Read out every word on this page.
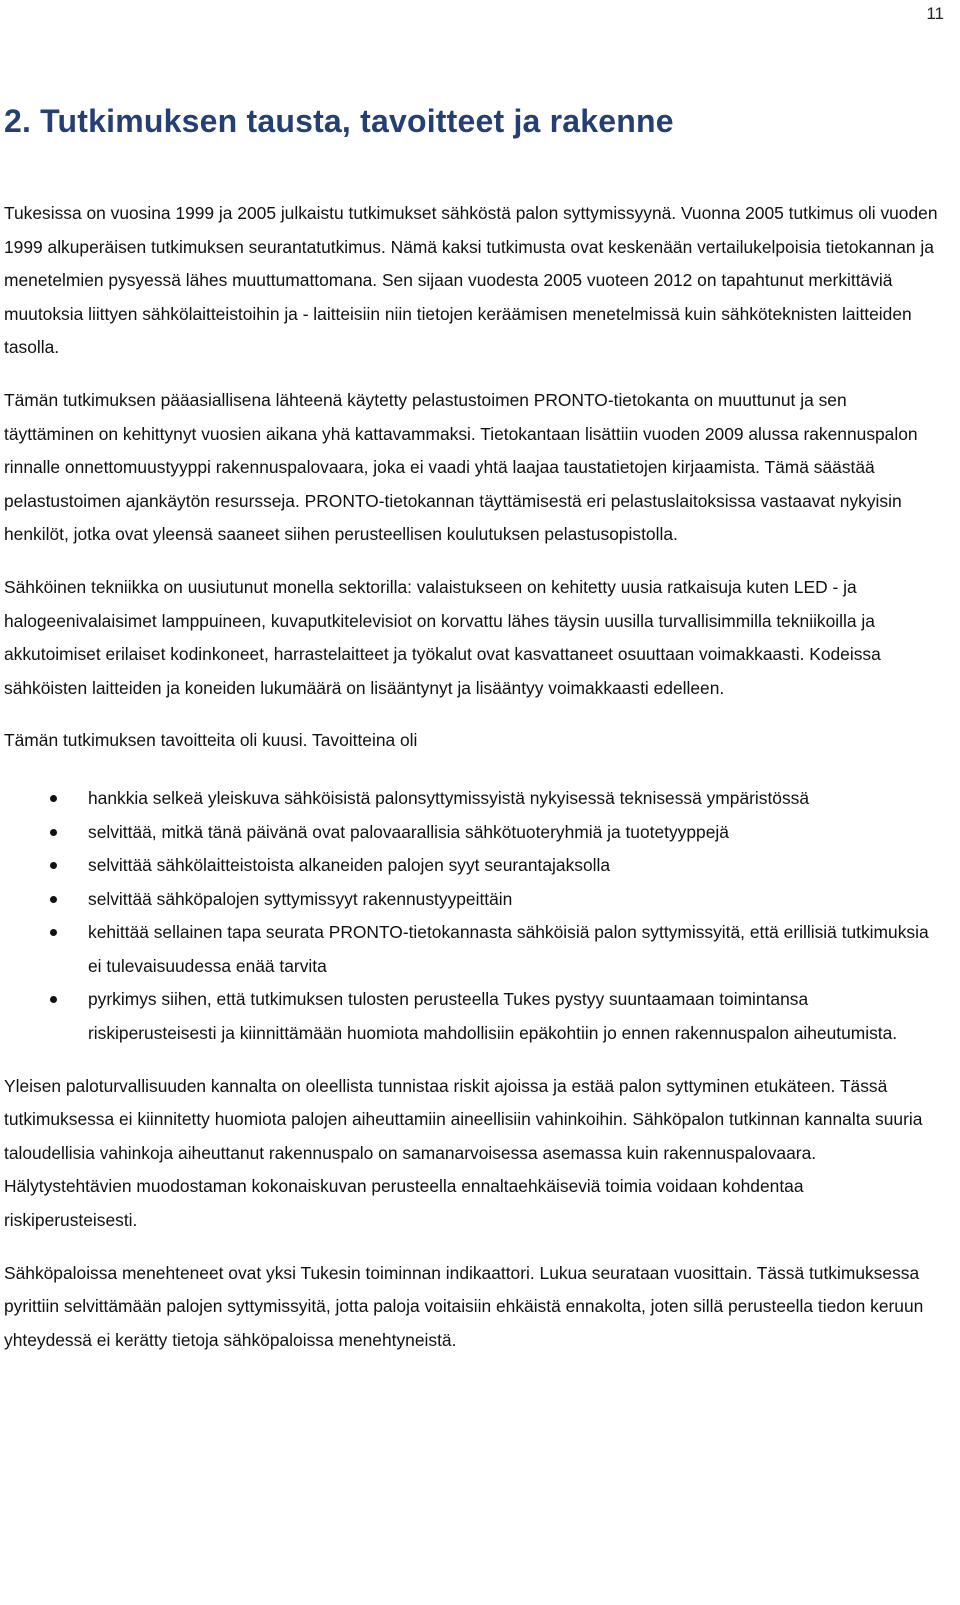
11
2. Tutkimuksen tausta, tavoitteet ja rakenne

Tukesissa on vuosina 1999 ja 2005 julkaistu tutkimukset sähköstä palon syttymissyynä. Vuonna 2005 tutkimus oli vuoden 1999 alkuperäisen tutkimuksen seurantatutkimus. Nämä kaksi tutkimusta ovat keskenään vertailukelpoisia tietokannan ja menetelmien pysyessä lähes muuttumattomana. Sen sijaan vuodesta 2005 vuoteen 2012 on tapahtunut merkittäviä muutoksia liittyen sähkölaitteistoihin ja - laitteisiin niin tietojen keräämisen menetelmissä kuin sähköteknisten laitteiden tasolla.

Tämän tutkimuksen pääasiallisena lähteenä käytetty pelastustoimen PRONTO-tietokanta on muuttunut ja sen täyttäminen on kehittynyt vuosien aikana yhä kattavammaksi. Tietokantaan lisättiin vuoden 2009 alussa rakennuspalon rinnalle onnettomuustyyppi rakennuspalovaara, joka ei vaadi yhtä laajaa taustatietojen kirjaamista. Tämä säästää pelastustoimen ajankäytön resursseja. PRONTO-tietokannan täyttämisestä eri pelastuslaitoksissa vastaavat nykyisin henkilöt, jotka ovat yleensä saaneet siihen perusteellisen koulutuksen pelastusopistolla.

Sähköinen tekniikka on uusiutunut monella sektorilla: valaistukseen on kehitetty uusia ratkaisuja kuten LED - ja halogeenivalaisimet lamppuineen, kuvaputkitelevisiot on korvattu lähes täysin uusilla turvallisimmilla tekniikoilla ja akkutoimiset erilaiset kodinkoneet, harrastelaitteet ja työkalut ovat kasvattaneet osuuttaan voimakkaasti. Kodeissa sähköisten laitteiden ja koneiden lukumäärä on lisääntynyt ja lisääntyy voimakkaasti edelleen.

Tämän tutkimuksen tavoitteita oli kuusi. Tavoitteina oli

hankkia selkeä yleiskuva sähköisistä palonsyttymissyistä nykyisessä teknisessä ympäristössä
selvittää, mitkä tänä päivänä ovat palovaarallisia sähkötuoteryhmiä ja tuotetyyppejä
selvittää sähkölaitteistoista alkaneiden palojen syyt seurantajaksolla
selvittää sähköpalojen syttymissyyt rakennustyypeittäin
kehittää sellainen tapa seurata PRONTO-tietokannasta sähköisiä palon syttymissyitä, että erillisiä tutkimuksia ei tulevaisuudessa enää tarvita
pyrkimys siihen, että tutkimuksen tulosten perusteella Tukes pystyy suuntaamaan toimintansa riskiperusteisesti ja kiinnittämään huomiota mahdollisiin epäkohtiin jo ennen rakennuspalon aiheutumista.

Yleisen paloturvallisuuden kannalta on oleellista tunnistaa riskit ajoissa ja estää palon syttyminen etukäteen. Tässä tutkimuksessa ei kiinnitetty huomiota palojen aiheuttamiin aineellisiin vahinkoihin. Sähköpalon tutkinnan kannalta suuria taloudellisia vahinkoja aiheuttanut rakennuspalo on samanarvoisessa asemassa kuin rakennuspalovaara. Hälytystehtävien muodostaman kokonaiskuvan perusteella ennaltaehkäiseviä toimia voidaan kohdentaa riskiperusteisesti.

Sähköpaloissa menehteneet ovat yksi Tukesin toiminnan indikaattori. Lukua seurataan vuosittain. Tässä tutkimuksessa pyrittiin selvittämään palojen syttymissyitä, jotta paloja voitaisiin ehkäistä ennakolta, joten sillä perusteella tiedon keruun yhteydessä ei kerätty tietoja sähköpaloissa menehtyneistä.
